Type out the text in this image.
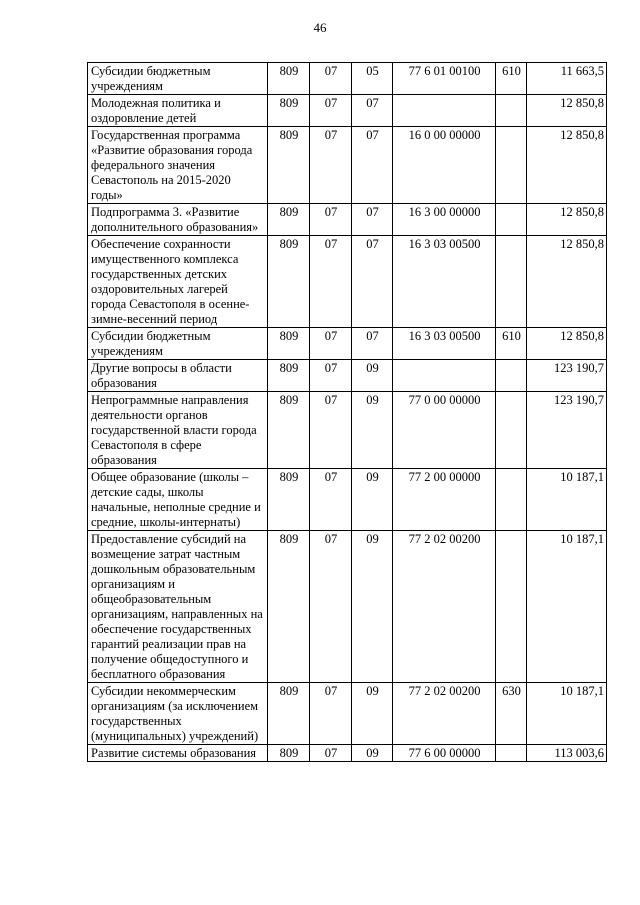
46
Субсидии бюджетным учреждениям	809	07	05	77 6 01 00100	610	11 663,5
Молодежная политика и оздоровление детей	809	07	07			12 850,8
Государственная программа «Развитие образования города федерального значения Севастополь на 2015-2020 годы»	809	07	07	16 0 00 00000		12 850,8
Подпрограмма 3. «Развитие дополнительного образования»	809	07	07	16 3 00 00000		12 850,8
Обеспечение сохранности имущественного комплекса государственных детских оздоровительных лагерей города Севастополя в осенне-зимне-весенний период	809	07	07	16 3 03 00500		12 850,8
Субсидии бюджетным учреждениям	809	07	07	16 3 03 00500	610	12 850,8
Другие вопросы в области образования	809	07	09			123 190,7
Непрограммные направления деятельности органов государственной власти города Севастополя в сфере образования	809	07	09	77 0 00 00000		123 190,7
Общее образование (школы – детские сады, школы начальные, неполные средние и средние, школы-интернаты)	809	07	09	77 2 00 00000		10 187,1
Предоставление субсидий на возмещение затрат частным дошкольным образовательным организациям и общеобразовательным организациям, направленных на обеспечение государственных гарантий реализации прав на получение общедоступного и бесплатного образования	809	07	09	77 2 02 00200		10 187,1
Субсидии некоммерческим организациям (за исключением государственных (муниципальных) учреждений)	809	07	09	77 2 02 00200	630	10 187,1
Развитие системы образования	809	07	09	77 6 00 00000		113 003,6
